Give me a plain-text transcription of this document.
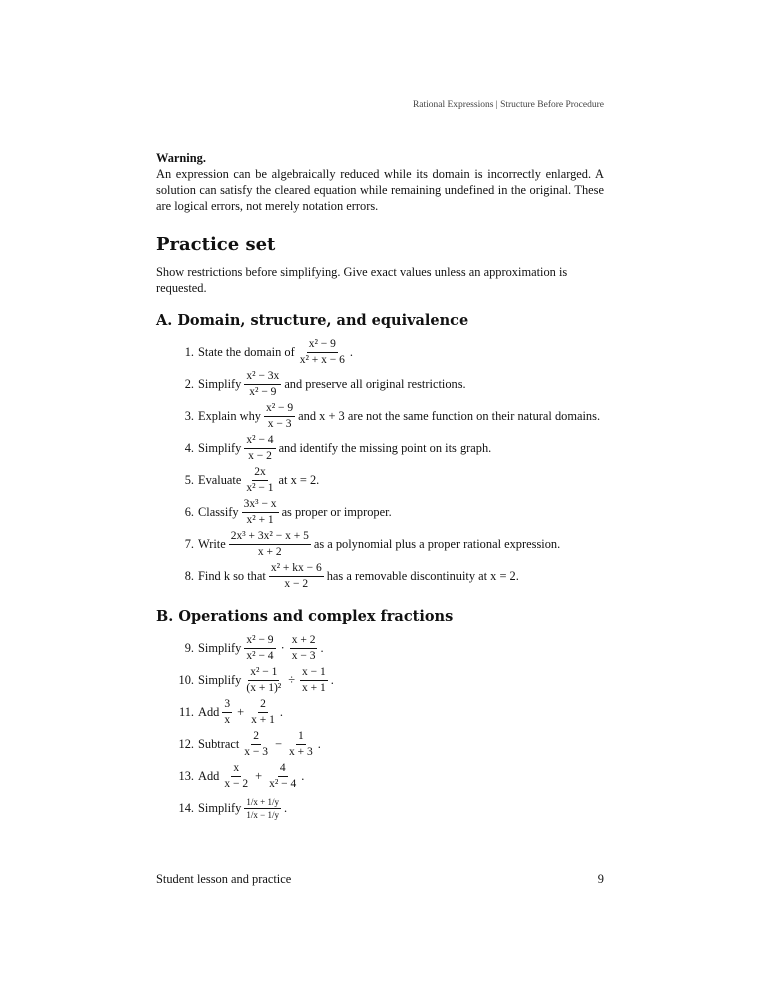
Rational Expressions | Structure Before Procedure
Warning.
An expression can be algebraically reduced while its domain is incorrectly enlarged. A solution can satisfy the cleared equation while remaining undefined in the original. These are logical errors, not merely notation errors.
Practice set

Show restrictions before simplifying. Give exact values unless an approximation is requested.

A. Domain, structure, and equivalence
1. State the domain of $\frac{\text{x² − 9}}{\text{x² + x − 6}}$ .
2. Simplify $\frac{\text{x² − 3x}}{\text{x² − 9}}$ and preserve all original restrictions.
3. Explain why $\frac{\text{x² − 9}}{x - 3}$ and x + 3 are not the same function on their natural domains.
4. Simplify $\frac{\text{x² − 4}}{x - 2}$ and identify the missing point on its graph.
5. Evaluate $\frac{2x}{\text{x² − 1}}$ at x = 2.
6. Classify $\frac{\text{3x³ − x}}{\text{x² + 1}}$ as proper or improper.
7. Write $\frac{\text{2x³ + 3x² − x + 5}}{x + 2}$ as a polynomial plus a proper rational expression.
8. Find k so that $\frac{\text{x² + kx − 6}}{x - 2}$ has a removable discontinuity at x = 2.
B. Operations and complex fractions
9. Simplify $\frac{\text{x² − 9}}{\text{x² − 4}} \cdot \frac{x + 2}{x - 3}$ .
10. Simplify $\frac{\text{x² − 1}}{\text{(x + 1)²}} \div \frac{x - 1}{x + 1}$ .
11. Add $\frac{3}{x} + \frac{2}{x + 1}$ .
12. Subtract $\frac{2}{x - 3} - \frac{1}{x + 3}$ .
13. Add $\frac{x}{x - 2} + \frac{4}{\text{x² − 4}}$ .
14. Simplify $\frac{1/x + 1/y}{1/x - 1/y}$ .
Student lesson and practice	9
